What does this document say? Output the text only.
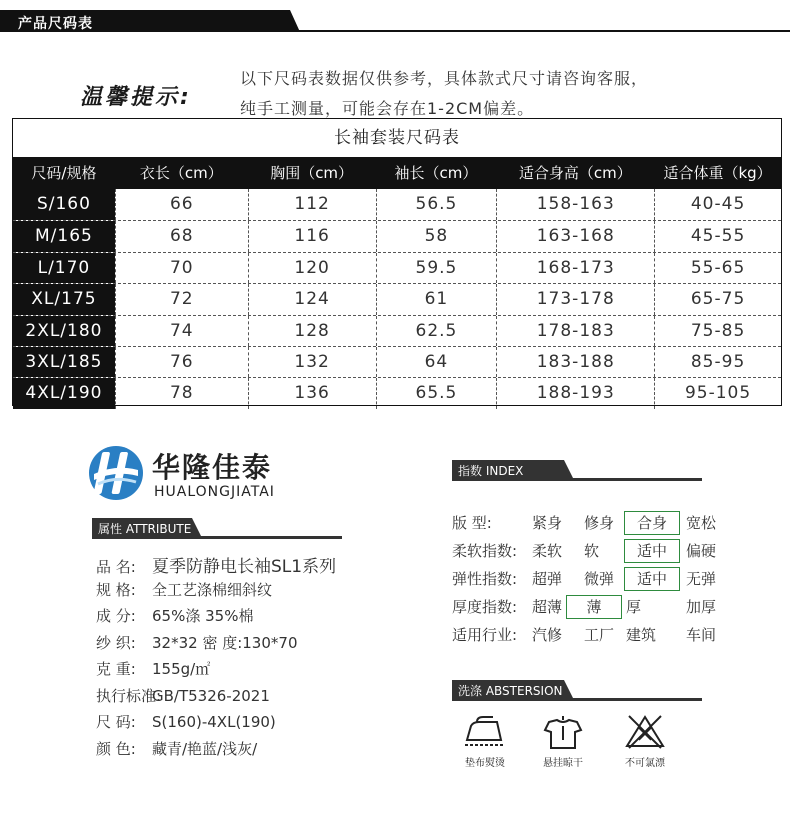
产品尺码表
温馨提示:
以下尺码表数据仅供参考，具体款式尺寸请咨询客服，
纯手工测量，可能会存在1-2CM偏差。
长袖套装尺码表
尺码/规格	衣长（cm）	胸围（cm）	袖长（cm）	适合身高（cm）	适合体重（kg）
S/160	66	112	56.5	158-163	40-45
M/165	68	116	58	163-168	45-55
L/170	70	120	59.5	168-173	55-65
XL/175	72	124	61	173-178	65-75
2XL/180	74	128	62.5	178-183	75-85
3XL/185	76	132	64	183-188	85-95
4XL/190	78	136	65.5	188-193	95-105
华隆佳泰
HUALONGJIATAI
属性 ATTRIBUTE
品 名: 夏季防静电长袖SL1系列
规 格: 全工艺涤棉细斜纹
成 分: 65%涤 35%棉
纱 织: 32*32 密 度:130*70
克 重: 155g/㎡
执行标准:GB/T5326-2021
尺 码: S(160)-4XL(190)
颜 色: 藏青/艳蓝/浅灰/
指数 INDEX
版 型:	紧身 修身	合身	宽松
柔软指数: 柔软 软	适中	偏硬
弹性指数: 超弹 微弹	适中	无弹
厚度指数: 超薄	薄	厚	加厚
适用行业: 汽修 工厂 建筑 车间
洗涤 ABSTERSION
垫布熨烫	悬挂晾干	不可氯漂
